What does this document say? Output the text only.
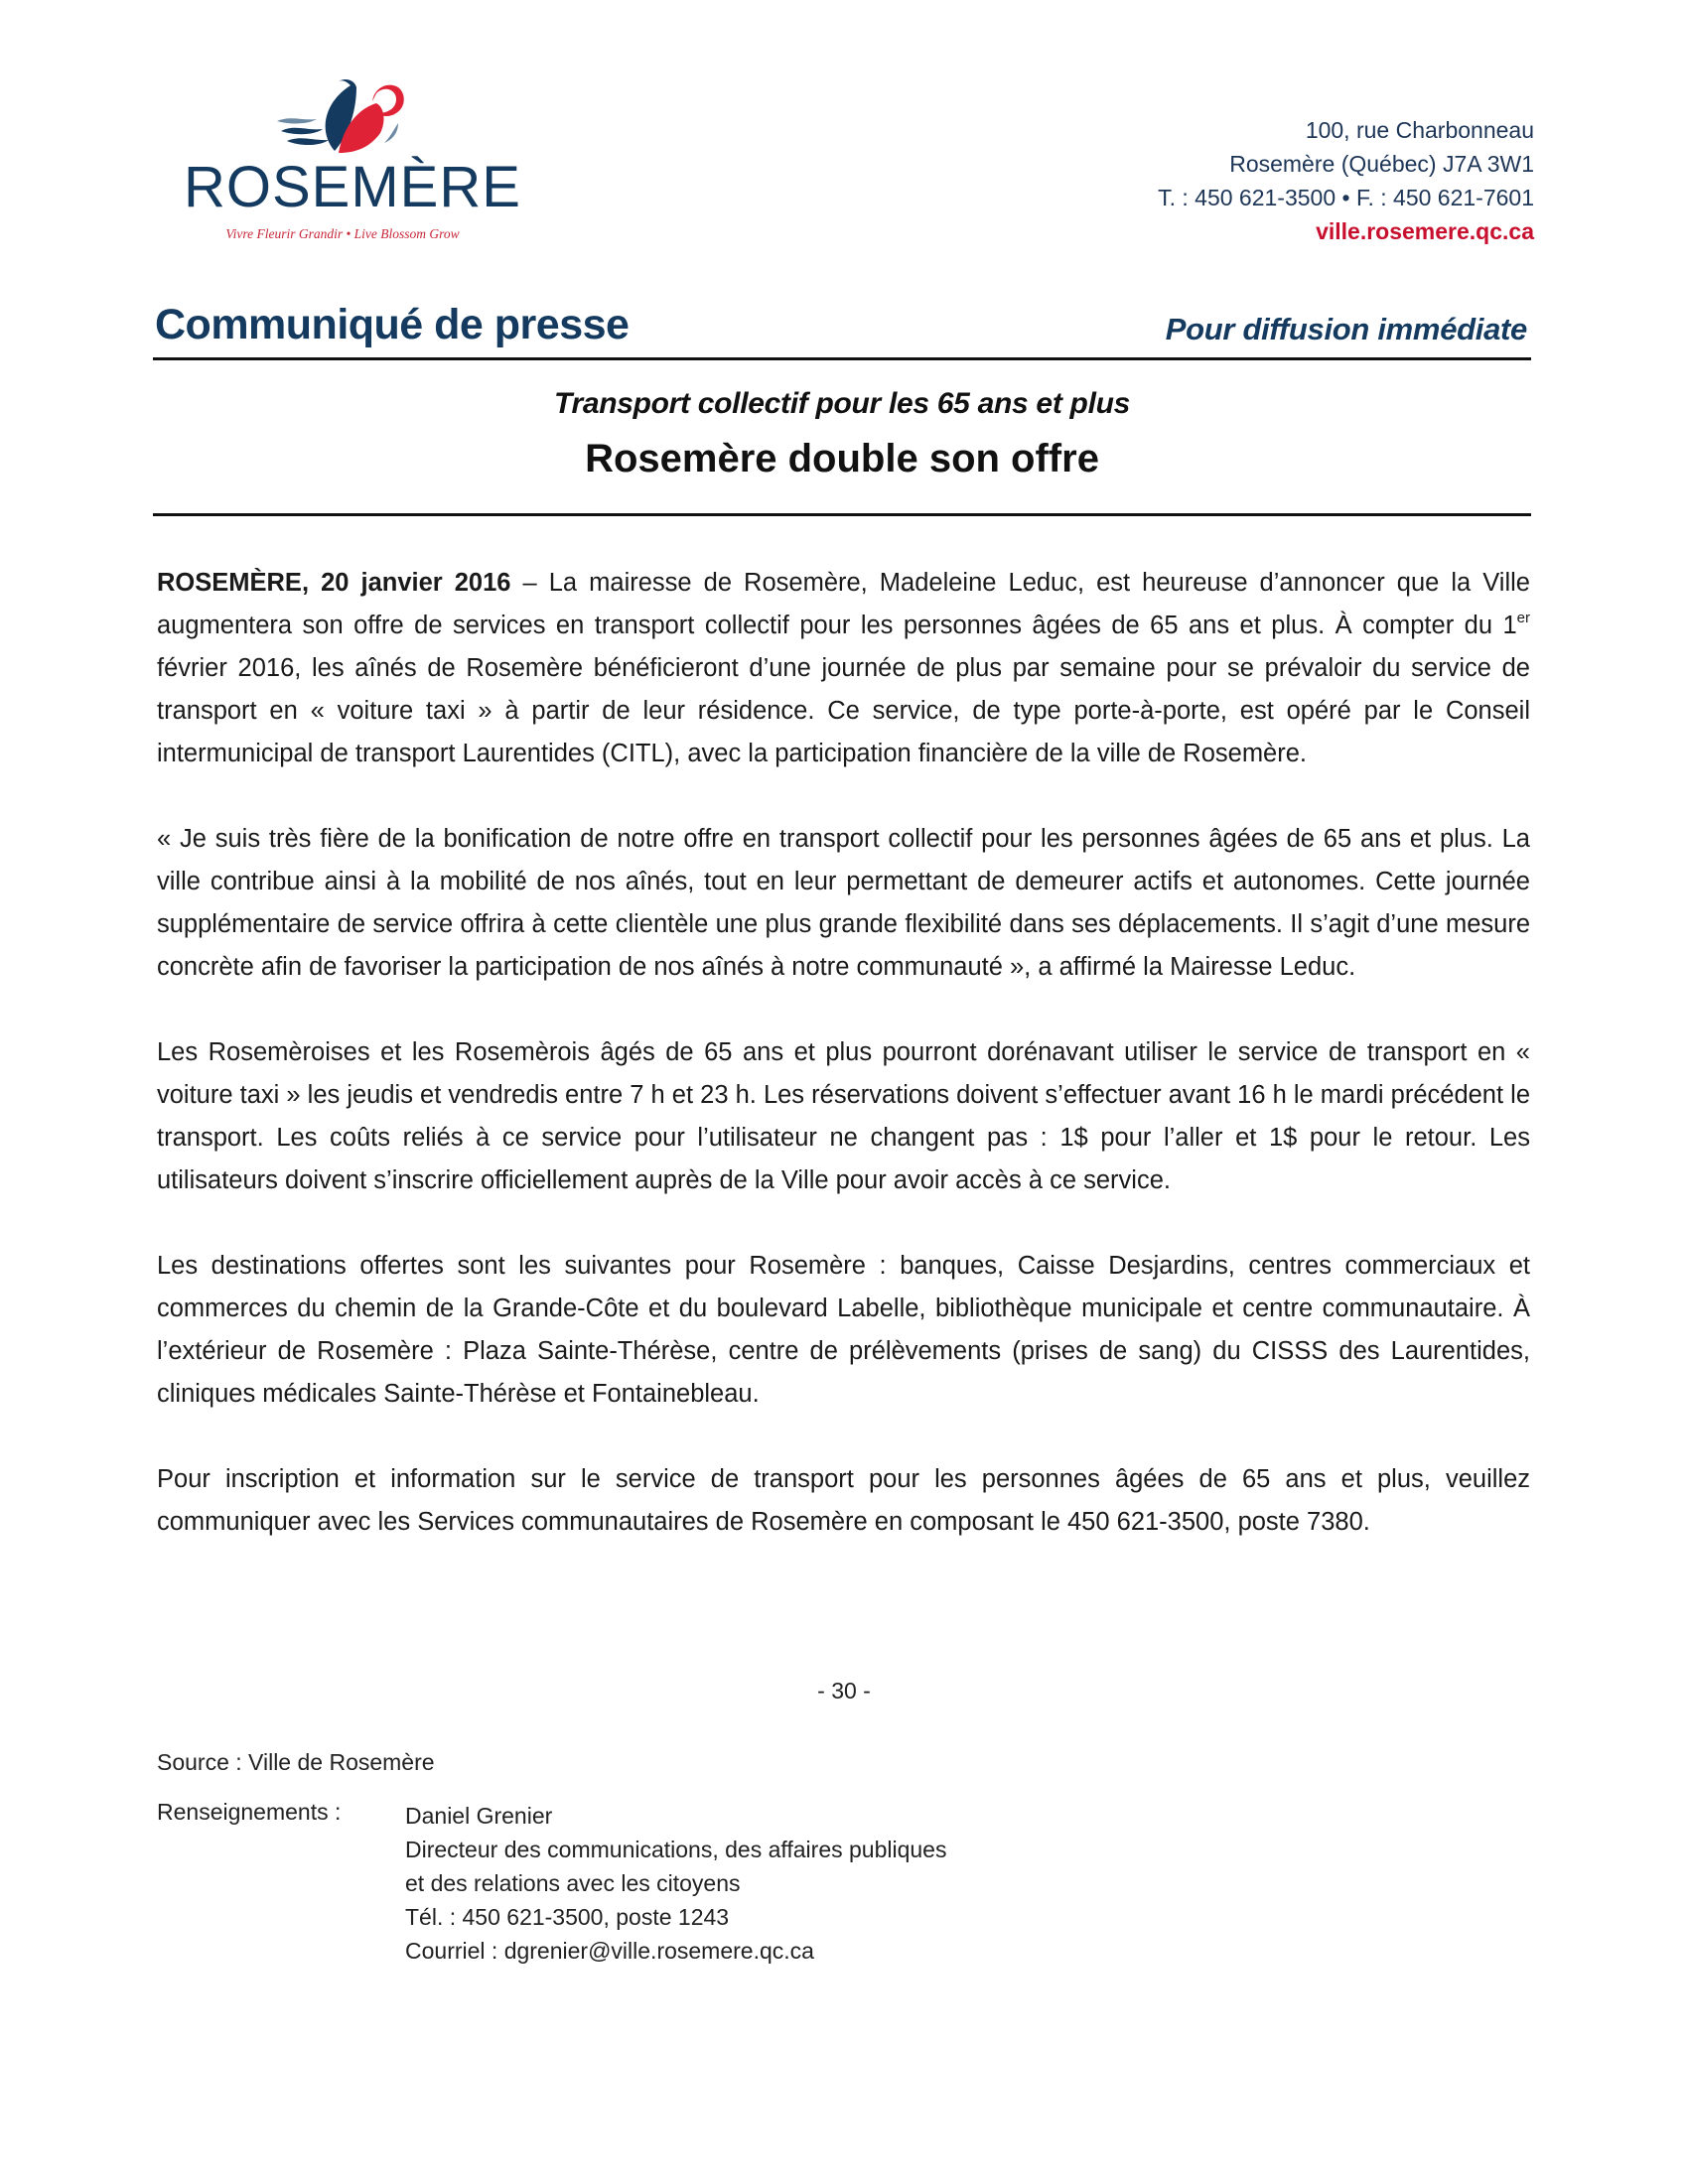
ROSEMÈRE
Vivre Fleurir Grandir • Live Blossom Grow
100, rue Charbonneau
Rosemère (Québec) J7A 3W1
T. : 450 621-3500 • F. : 450 621-7601
ville.rosemere.qc.ca
Communiqué de presse	Pour diffusion immédiate
Transport collectif pour les 65 ans et plus
Rosemère double son offre

ROSEMÈRE, 20 janvier 2016 – La mairesse de Rosemère, Madeleine Leduc, est heureuse d’annoncer que la Ville augmentera son offre de services en transport collectif pour les personnes âgées de 65 ans et plus. À compter du 1er février 2016, les aînés de Rosemère bénéficieront d’une journée de plus par semaine pour se prévaloir du service de transport en « voiture taxi » à partir de leur résidence. Ce service, de type porte-à-porte, est opéré par le Conseil intermunicipal de transport Laurentides (CITL), avec la participation financière de la ville de Rosemère.

« Je suis très fière de la bonification de notre offre en transport collectif pour les personnes âgées de 65 ans et plus. La ville contribue ainsi à la mobilité de nos aînés, tout en leur permettant de demeurer actifs et autonomes. Cette journée supplémentaire de service offrira à cette clientèle une plus grande flexibilité dans ses déplacements. Il s’agit d’une mesure concrète afin de favoriser la participation de nos aînés à notre communauté », a affirmé la Mairesse Leduc.

Les Rosemèroises et les Rosemèrois âgés de 65 ans et plus pourront dorénavant utiliser le service de transport en « voiture taxi » les jeudis et vendredis entre 7 h et 23 h. Les réservations doivent s’effectuer avant 16 h le mardi précédent le transport. Les coûts reliés à ce service pour l’utilisateur ne changent pas : 1$ pour l’aller et 1$ pour le retour. Les utilisateurs doivent s’inscrire officiellement auprès de la Ville pour avoir accès à ce service.

Les destinations offertes sont les suivantes pour Rosemère : banques, Caisse Desjardins, centres commerciaux et commerces du chemin de la Grande-Côte et du boulevard Labelle, bibliothèque municipale et centre communautaire. À l’extérieur de Rosemère : Plaza Sainte-Thérèse, centre de prélèvements (prises de sang) du CISSS des Laurentides, cliniques médicales Sainte-Thérèse et Fontainebleau.

Pour inscription et information sur le service de transport pour les personnes âgées de 65 ans et plus, veuillez communiquer avec les Services communautaires de Rosemère en composant le 450 621-3500, poste 7380.

- 30 -
Source : Ville de Rosemère
Renseignements :	Daniel Grenier
Directeur des communications, des affaires publiques
et des relations avec les citoyens
Tél. : 450 621-3500, poste 1243
Courriel : dgrenier@ville.rosemere.qc.ca
